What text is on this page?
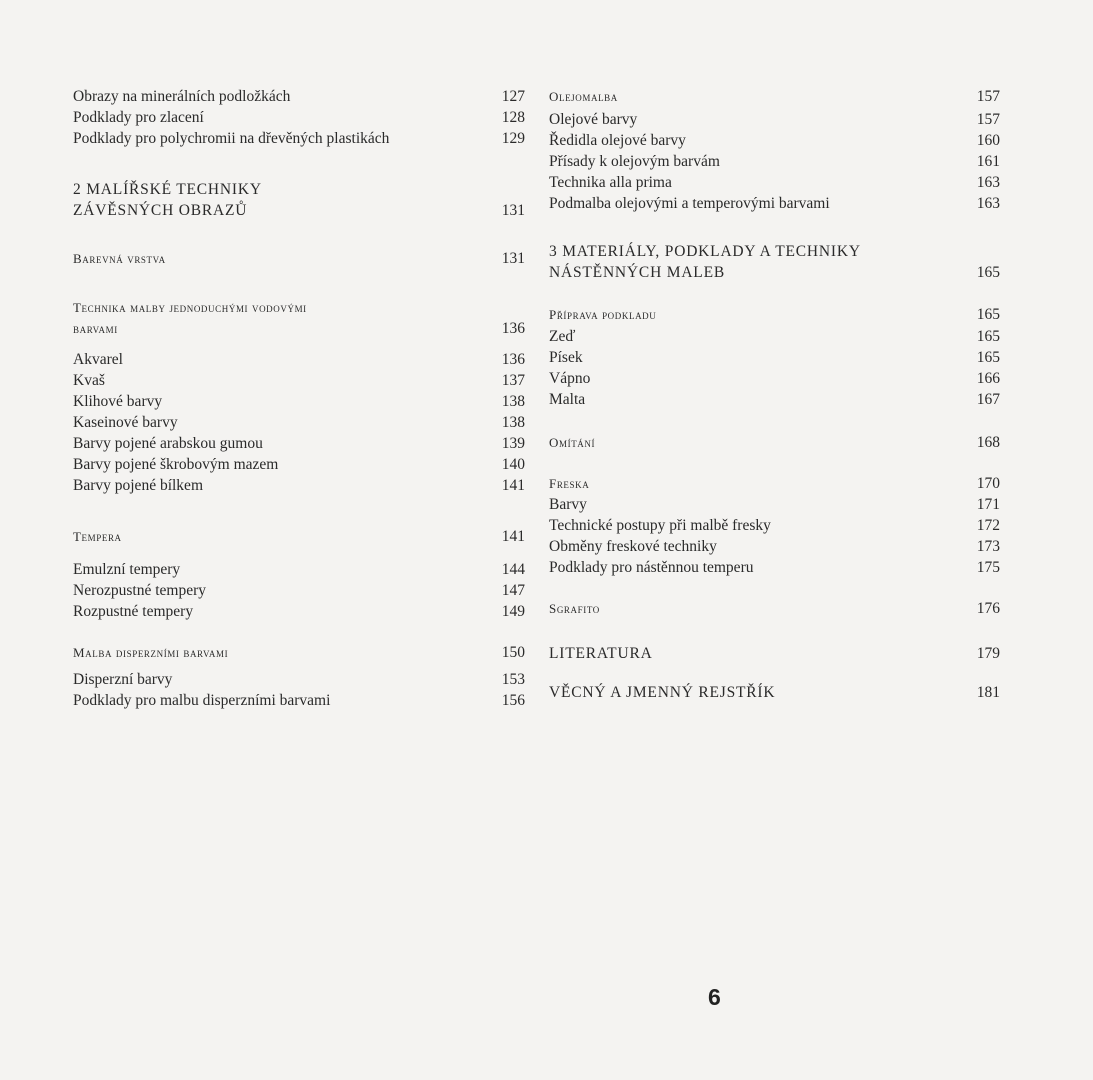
Obrazy na minerálních podložkách	127
Podklady pro zlacení	128
Podklady pro polychromii na dřevěných plastikách	129
2 MALÍŘSKÉ TECHNIKY
ZÁVĚSNÝCH OBRAZŮ	131
Barevná vrstva	131
Technika malby jednoduchými vodovými
barvami	136
Akvarel	136
Kvaš	137
Klihové barvy	138
Kaseinové barvy	138
Barvy pojené arabskou gumou	139
Barvy pojené škrobovým mazem	140
Barvy pojené bílkem	141
Tempera	141
Emulzní tempery	144
Nerozpustné tempery	147
Rozpustné tempery	149
Malba disperzními barvami	150
Disperzní barvy	153
Podklady pro malbu disperzními barvami	156
Olejomalba	157
Olejové barvy	157
Ředidla olejové barvy	160
Přísady k olejovým barvám	161
Technika alla prima	163
Podmalba olejovými a temperovými barvami	163
3 MATERIÁLY, PODKLADY A TECHNIKY
NÁSTĚNNÝCH MALEB	165
Příprava podkladu	165
Zeď	165
Písek	165
Vápno	166
Malta	167
Omítání	168
Freska	170
Barvy	171
Technické postupy při malbě fresky	172
Obměny freskové techniky	173
Podklady pro nástěnnou temperu	175
Sgrafito	176
LITERATURA	179
VĚCNÝ A JMENNÝ REJSTŘÍK	181
6
